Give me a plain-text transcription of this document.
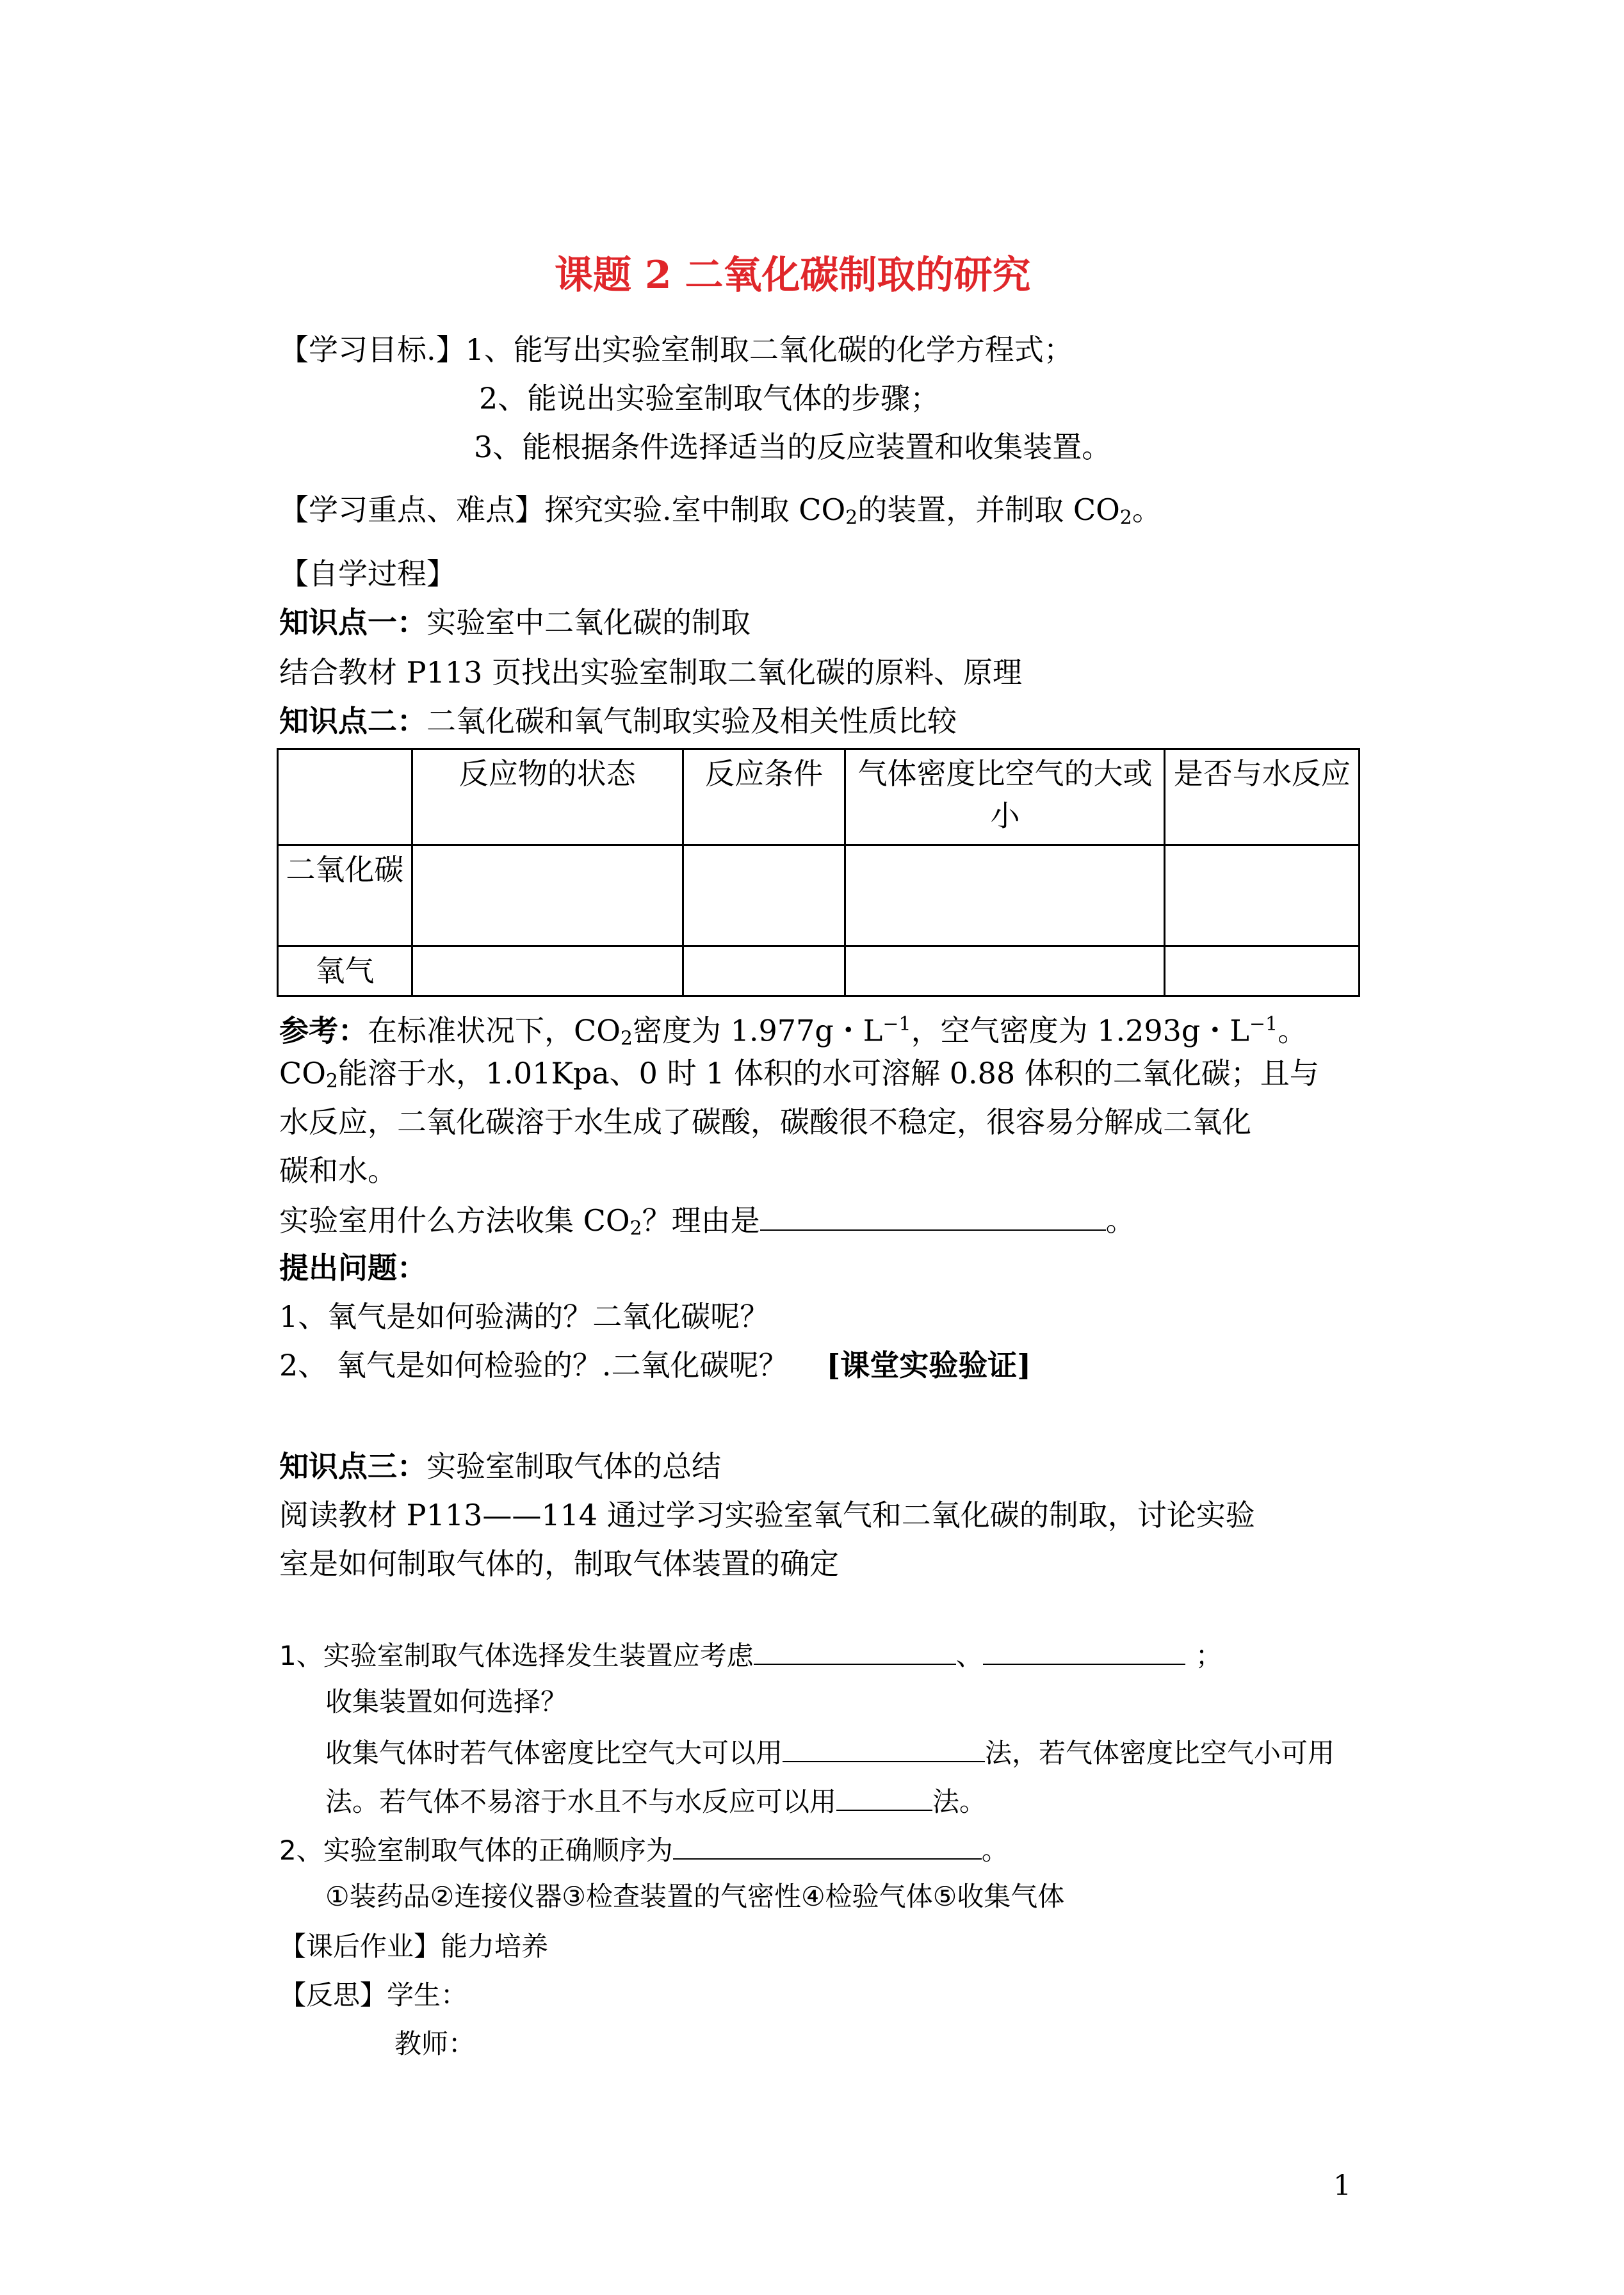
课题 2 二氧化碳制取的研究
【学习目标.】1、能写出实验室制取二氧化碳的化学方程式；
2、能说出实验室制取气体的步骤；
3、能根据条件选择适当的反应装置和收集装置。
【学习重点、难点】探究实验.室中制取 $CO_2$的装置，并制取 $CO_2$。
【自学过程】
知识点一：实验室中二氧化碳的制取
结合教材 P113 页找出实验室制取二氧化碳的原料、原理
知识点二：二氧化碳和氧气制取实验及相关性质比较
	反应物的状态	反应条件	气体密度比空气的大或小	是否与水反应
二氧化碳				
氧气				
参考：在标准状况下，$CO_2$密度为 1.977g・$L^{-1}$，空气密度为 1.293g・$L^{-1}$。
$CO_2$能溶于水，1.01Kpa、0 时 1 体积的水可溶解 0.88 体积的二氧化碳；且与
水反应，二氧化碳溶于水生成了碳酸，碳酸很不稳定，很容易分解成二氧化
碳和水。
实验室用什么方法收集 $CO_2$？理由是	。
提出问题：
1、氧气是如何验满的？二氧化碳呢？
2、 氧气是如何检验的？.二氧化碳呢？ [课堂实验验证]
知识点三：实验室制取气体的总结
阅读教材 P113——114 通过学习实验室氧气和二氧化碳的制取，讨论实验
室是如何制取气体的，制取气体装置的确定
1、实验室制取气体选择发生装置应考虑	、	；
收集装置如何选择？
收集气体时若气体密度比空气大可以用	法，若气体密度比空气小可用
法。若气体不易溶于水且不与水反应可以用	法。
2、实验室制取气体的正确顺序为	。
①装药品②连接仪器③检查装置的气密性④检验气体⑤收集气体
【课后作业】能力培养
【反思】学生：
教师：
1
